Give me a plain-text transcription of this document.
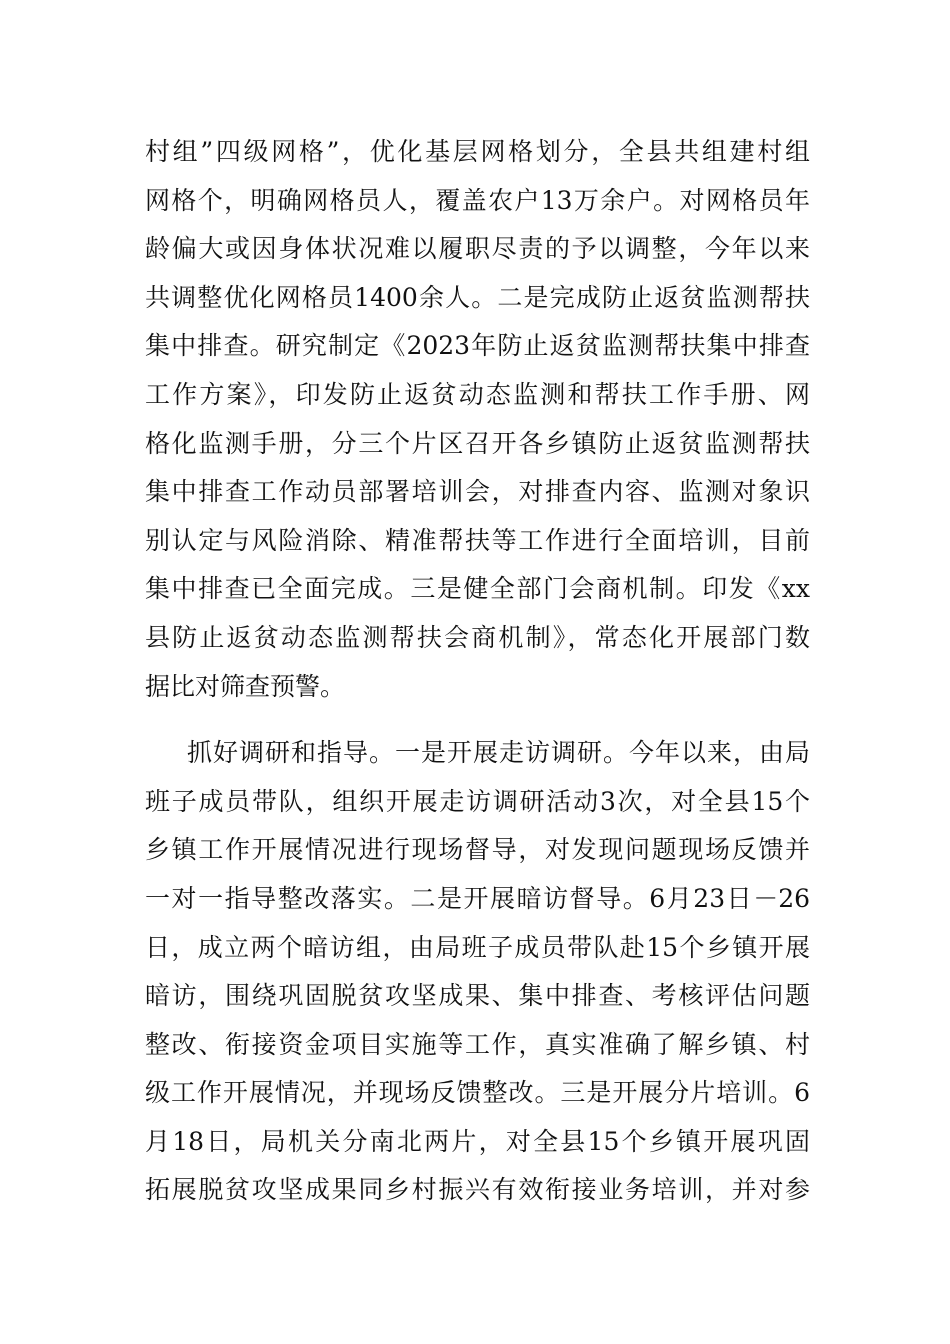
村组”四级网格”，优化基层网格划分，全县共组建村组
网格个，明确网格员人，覆盖农户13万余户。对网格员年
龄偏大或因身体状况难以履职尽责的予以调整，今年以来
共调整优化网格员1400余人。二是完成防止返贫监测帮扶
集中排查。研究制定《2023年防止返贫监测帮扶集中排查
工作方案》，印发防止返贫动态监测和帮扶工作手册、网
格化监测手册，分三个片区召开各乡镇防止返贫监测帮扶
集中排查工作动员部署培训会，对排查内容、监测对象识
别认定与风险消除、精准帮扶等工作进行全面培训，目前
集中排查已全面完成。三是健全部门会商机制。印发《xx
县防止返贫动态监测帮扶会商机制》，常态化开展部门数
据比对筛查预警。
抓好调研和指导。一是开展走访调研。今年以来，由局
班子成员带队，组织开展走访调研活动3次，对全县15个
乡镇工作开展情况进行现场督导，对发现问题现场反馈并
一对一指导整改落实。二是开展暗访督导。6月23日－26
日，成立两个暗访组，由局班子成员带队赴15个乡镇开展
暗访，围绕巩固脱贫攻坚成果、集中排查、考核评估问题
整改、衔接资金项目实施等工作，真实准确了解乡镇、村
级工作开展情况，并现场反馈整改。三是开展分片培训。6
月18日，局机关分南北两片，对全县15个乡镇开展巩固
拓展脱贫攻坚成果同乡村振兴有效衔接业务培训，并对参
